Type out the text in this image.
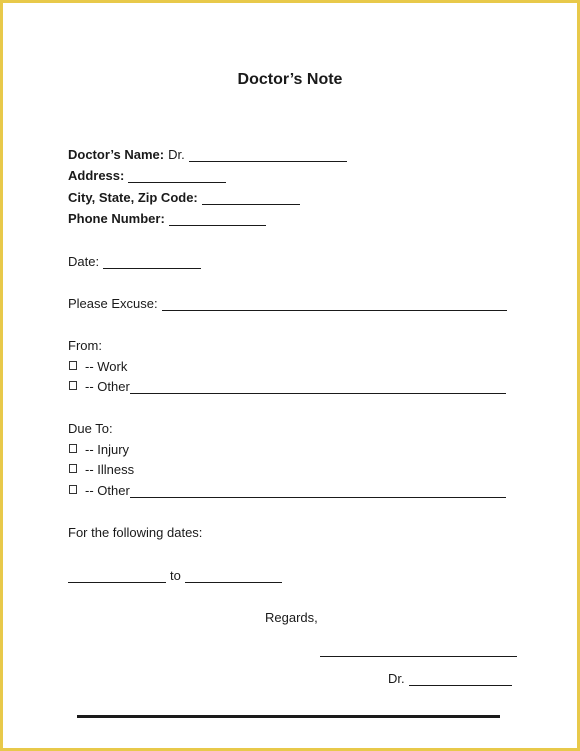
Doctor’s Note
Doctor’s Name: Dr.
Address:
City, State, Zip Code:
Phone Number:
Date:
Please Excuse:
From:
-- Work
-- Other
Due To:
-- Injury
-- Illness
-- Other
For the following dates:
to
Regards,
Dr.
